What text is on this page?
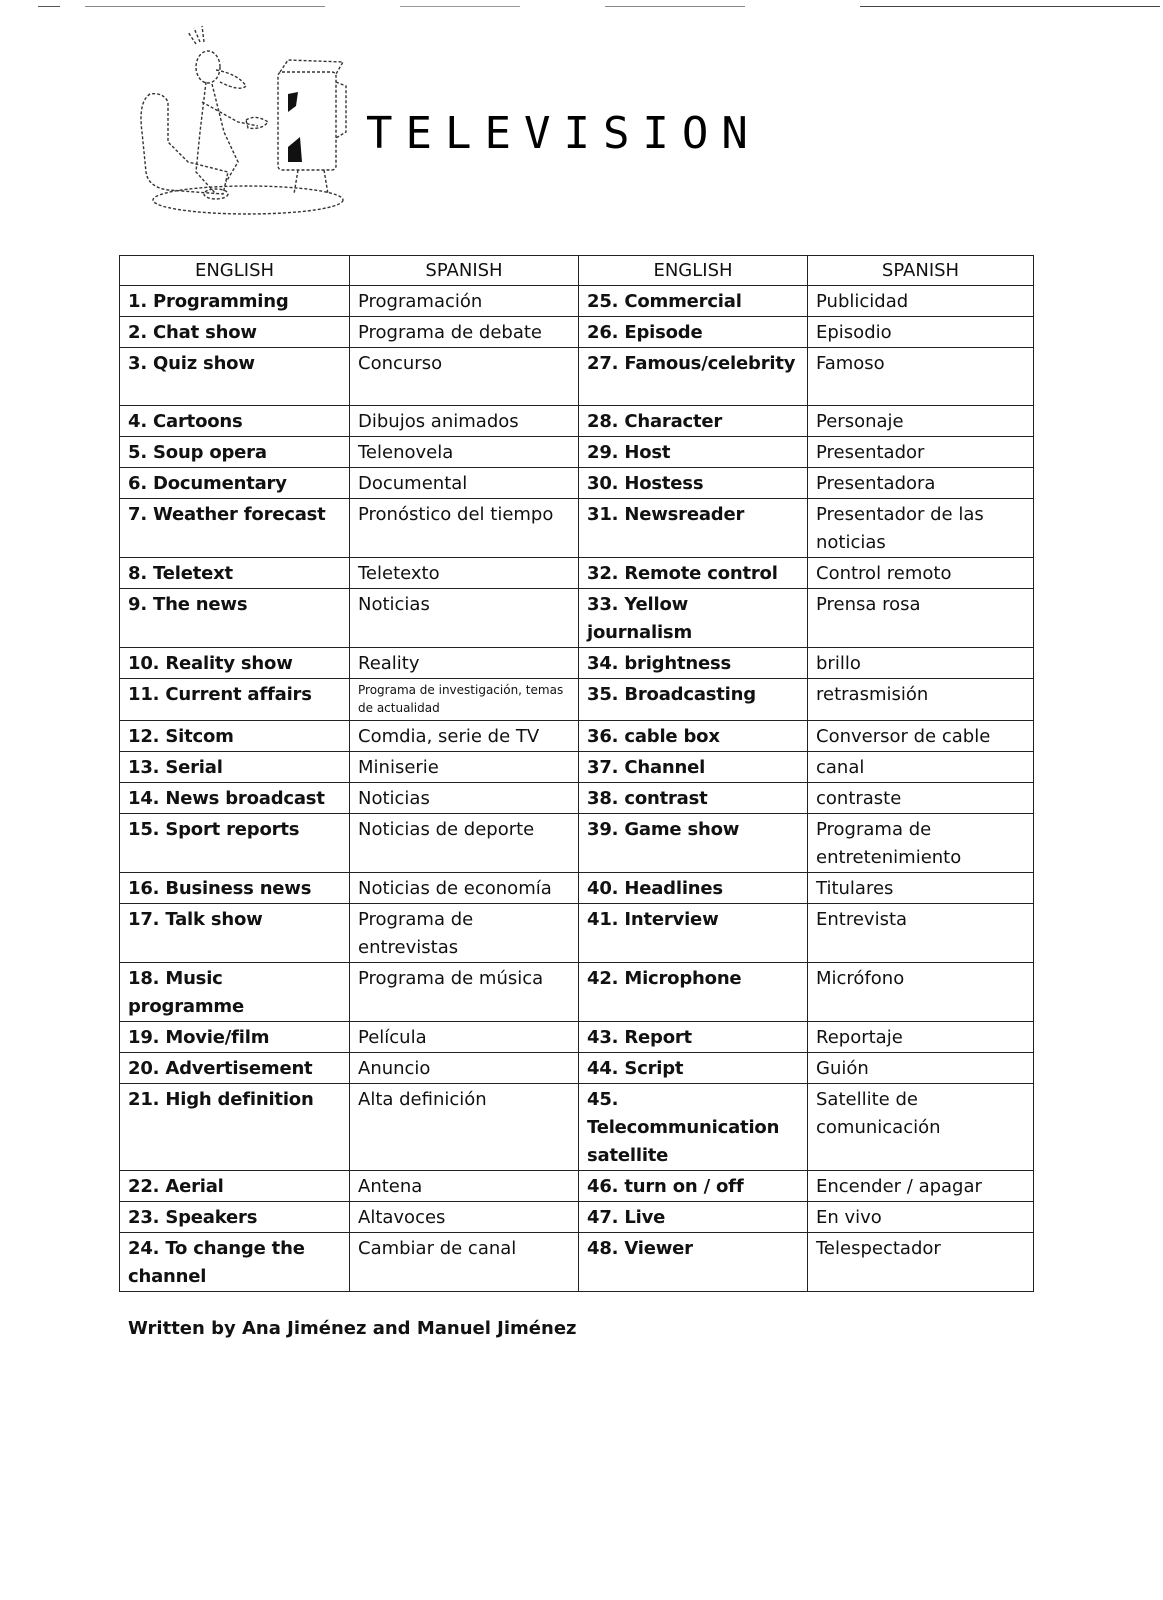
TELEVISION
ENGLISH	SPANISH	ENGLISH	SPANISH
1. Programming	Programación	25. Commercial	Publicidad
2. Chat show	Programa de debate	26. Episode	Episodio
3. Quiz show	Concurso	27. Famous/celebrity	Famoso
4. Cartoons	Dibujos animados	28. Character	Personaje
5. Soup opera	Telenovela	29. Host	Presentador
6. Documentary	Documental	30. Hostess	Presentadora
7. Weather forecast	Pronóstico del tiempo	31. Newsreader	Presentador de las noticias
8. Teletext	Teletexto	32. Remote control	Control remoto
9. The news	Noticias	33. Yellow journalism	Prensa rosa
10. Reality show	Reality	34. brightness	brillo
11. Current affairs	Programa de investigación, temas de actualidad	35. Broadcasting	retrasmisión
12. Sitcom	Comdia, serie de TV	36. cable box	Conversor de cable
13. Serial	Miniserie	37. Channel	canal
14. News broadcast	Noticias	38. contrast	contraste
15. Sport reports	Noticias de deporte	39. Game show	Programa de entretenimiento
16. Business news	Noticias de economía	40. Headlines	Titulares
17. Talk show	Programa de entrevistas	41. Interview	Entrevista
18. Music programme	Programa de música	42. Microphone	Micrófono
19. Movie/film	Película	43. Report	Reportaje
20. Advertisement	Anuncio	44. Script	Guión
21. High definition	Alta definición	45. Telecommunication satellite	Satellite de comunicación
22. Aerial	Antena	46. turn on / off	Encender / apagar
23. Speakers	Altavoces	47. Live	En vivo
24. To change the channel	Cambiar de canal	48. Viewer	Telespectador

Written by Ana Jiménez and Manuel Jiménez
